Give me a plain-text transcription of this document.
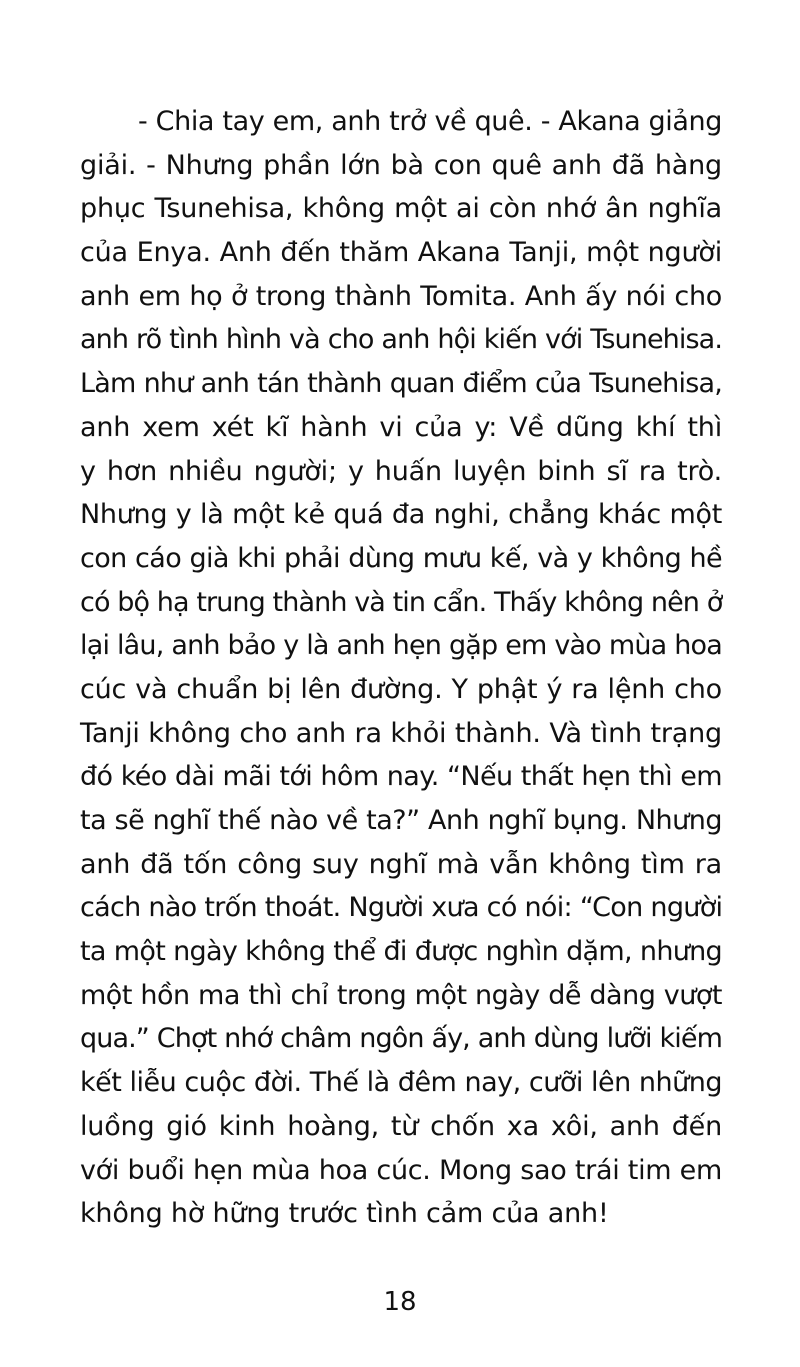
- Chia tay em, anh trở về quê. - Akana giảng
giải. - Nhưng phần lớn bà con quê anh đã hàng
phục Tsunehisa, không một ai còn nhớ ân nghĩa
của Enya. Anh đến thăm Akana Tanji, một người
anh em họ ở trong thành Tomita. Anh ấy nói cho
anh rõ tình hình và cho anh hội kiến với Tsunehisa.
Làm như anh tán thành quan điểm của Tsunehisa,
anh xem xét kĩ hành vi của y: Về dũng khí thì
y hơn nhiều người; y huấn luyện binh sĩ ra trò.
Nhưng y là một kẻ quá đa nghi, chẳng khác một
con cáo già khi phải dùng mưu kế, và y không hề
có bộ hạ trung thành và tin cẩn. Thấy không nên ở
lại lâu, anh bảo y là anh hẹn gặp em vào mùa hoa
cúc và chuẩn bị lên đường. Y phật ý ra lệnh cho
Tanji không cho anh ra khỏi thành. Và tình trạng
đó kéo dài mãi tới hôm nay. “Nếu thất hẹn thì em
ta sẽ nghĩ thế nào về ta?” Anh nghĩ bụng. Nhưng
anh đã tốn công suy nghĩ mà vẫn không tìm ra
cách nào trốn thoát. Người xưa có nói: “Con người
ta một ngày không thể đi được nghìn dặm, nhưng
một hồn ma thì chỉ trong một ngày dễ dàng vượt
qua.” Chợt nhớ châm ngôn ấy, anh dùng lưỡi kiếm
kết liễu cuộc đời. Thế là đêm nay, cưỡi lên những
luồng gió kinh hoàng, từ chốn xa xôi, anh đến
với buổi hẹn mùa hoa cúc. Mong sao trái tim em
không hờ hững trước tình cảm của anh!
18
